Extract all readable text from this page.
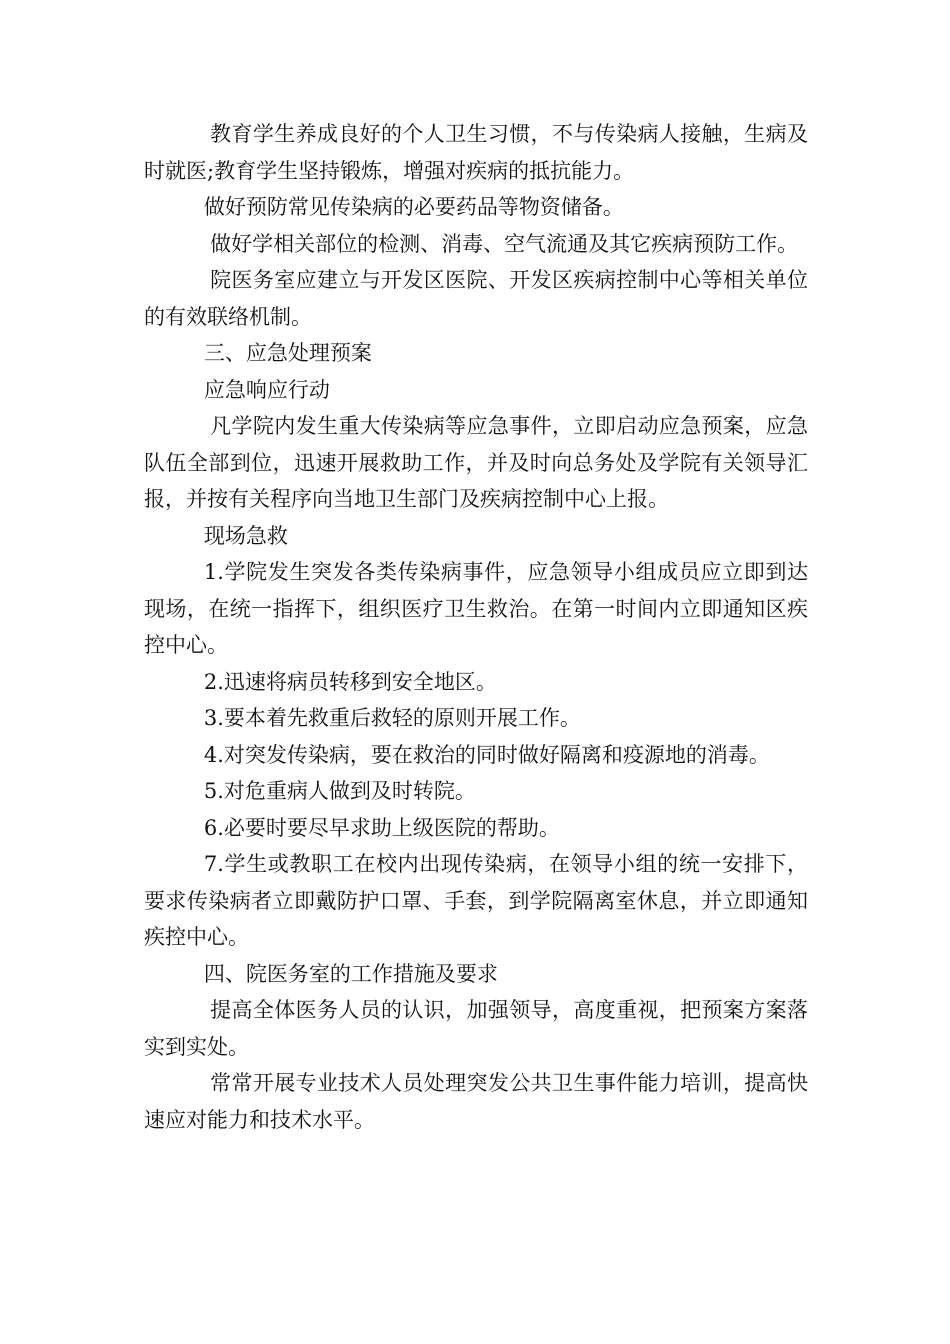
教育学生养成良好的个人卫生习惯，不与传染病人接触，生病及时就医;教育学生坚持锻炼，增强对疾病的抵抗能力。

做好预防常见传染病的必要药品等物资储备。

做好学相关部位的检测、消毒、空气流通及其它疾病预防工作。

院医务室应建立与开发区医院、开发区疾病控制中心等相关单位的有效联络机制。

三、应急处理预案

应急响应行动

凡学院内发生重大传染病等应急事件，立即启动应急预案，应急队伍全部到位，迅速开展救助工作，并及时向总务处及学院有关领导汇报，并按有关程序向当地卫生部门及疾病控制中心上报。

现场急救

1.学院发生突发各类传染病事件，应急领导小组成员应立即到达现场，在统一指挥下，组织医疗卫生救治。在第一时间内立即通知区疾控中心。

2.迅速将病员转移到安全地区。

3.要本着先救重后救轻的原则开展工作。

4.对突发传染病，要在救治的同时做好隔离和疫源地的消毒。

5.对危重病人做到及时转院。

6.必要时要尽早求助上级医院的帮助。

7.学生或教职工在校内出现传染病，在领导小组的统一安排下，要求传染病者立即戴防护口罩、手套，到学院隔离室休息，并立即通知疾控中心。

四、院医务室的工作措施及要求

提高全体医务人员的认识，加强领导，高度重视，把预案方案落实到实处。

常常开展专业技术人员处理突发公共卫生事件能力培训，提高快速应对能力和技术水平。
